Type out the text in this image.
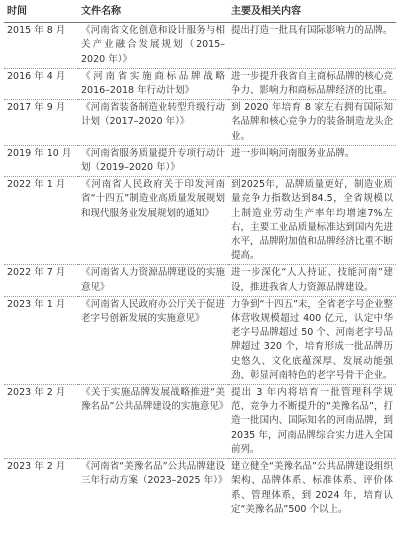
时间	文件名称	主要及相关内容
2015 年 8 月	《河南省文化创意和设计服务与相关产业融合发展规划（2015–2020 年）》	提出打造一批具有国际影响力的品牌。
2016 年 4 月	《河南省实施商标品牌战略 2016–2018 年行动计划》	进一步提升我省自主商标品牌的核心竞争力、影响力和商标品牌经济的比重。
2017 年 9 月	《河南省装备制造业转型升级行动计划（2017–2020 年）》	到 2020 年培育 8 家左右拥有国际知名品牌和核心竞争力的装备制造龙头企业。
2019 年 10 月	《河南省服务质量提升专项行动计划（2019–2020 年）》	进一步叫响河南服务业品牌。
2022 年 1 月	《河南省人民政府关于印发河南省“十四五”制造业高质量发展规划和现代服务业发展规划的通知》	到2025年，品牌质量更好，制造业质量竞争力指数达到84.5，全省规模以上制造业劳动生产率年均增速7%左右，主要工业品质量标准达到国内先进水平，品牌附加值和品牌经济比重不断提高。
2022 年 7 月	《河南省人力资源品牌建设的实施意见》	进一步深化“人人持证、技能河南”建设，推进我省人力资源品牌建设。
2023 年 1 月	《河南省人民政府办公厅关于促进老字号创新发展的实施意见》	力争到“十四五”末，全省老字号企业整体营收规模超过 400 亿元，认定中华老字号品牌超过 50 个、河南老字号品牌超过 320 个，培育形成一批品牌历史悠久、文化底蕴深厚、发展动能强劲、彰显河南特色的老字号骨干企业。
2023 年 2 月	《关于实施品牌发展战略推进“美豫名品”公共品牌建设的实施意见》	提出 3 年内将培育一批管理科学规范、竞争力不断提升的“美豫名品”，打造一批国内、国际知名的河南品牌，到 2035 年，河南品牌综合实力进入全国前列。
2023 年 2 月	《河南省“美豫名品”公共品牌建设三年行动方案（2023–2025 年）》	建立健全“美豫名品”公共品牌建设组织架构、品牌体系、标准体系、评价体系、管理体系，到 2024 年，培育认定“美豫名品”500 个以上。
